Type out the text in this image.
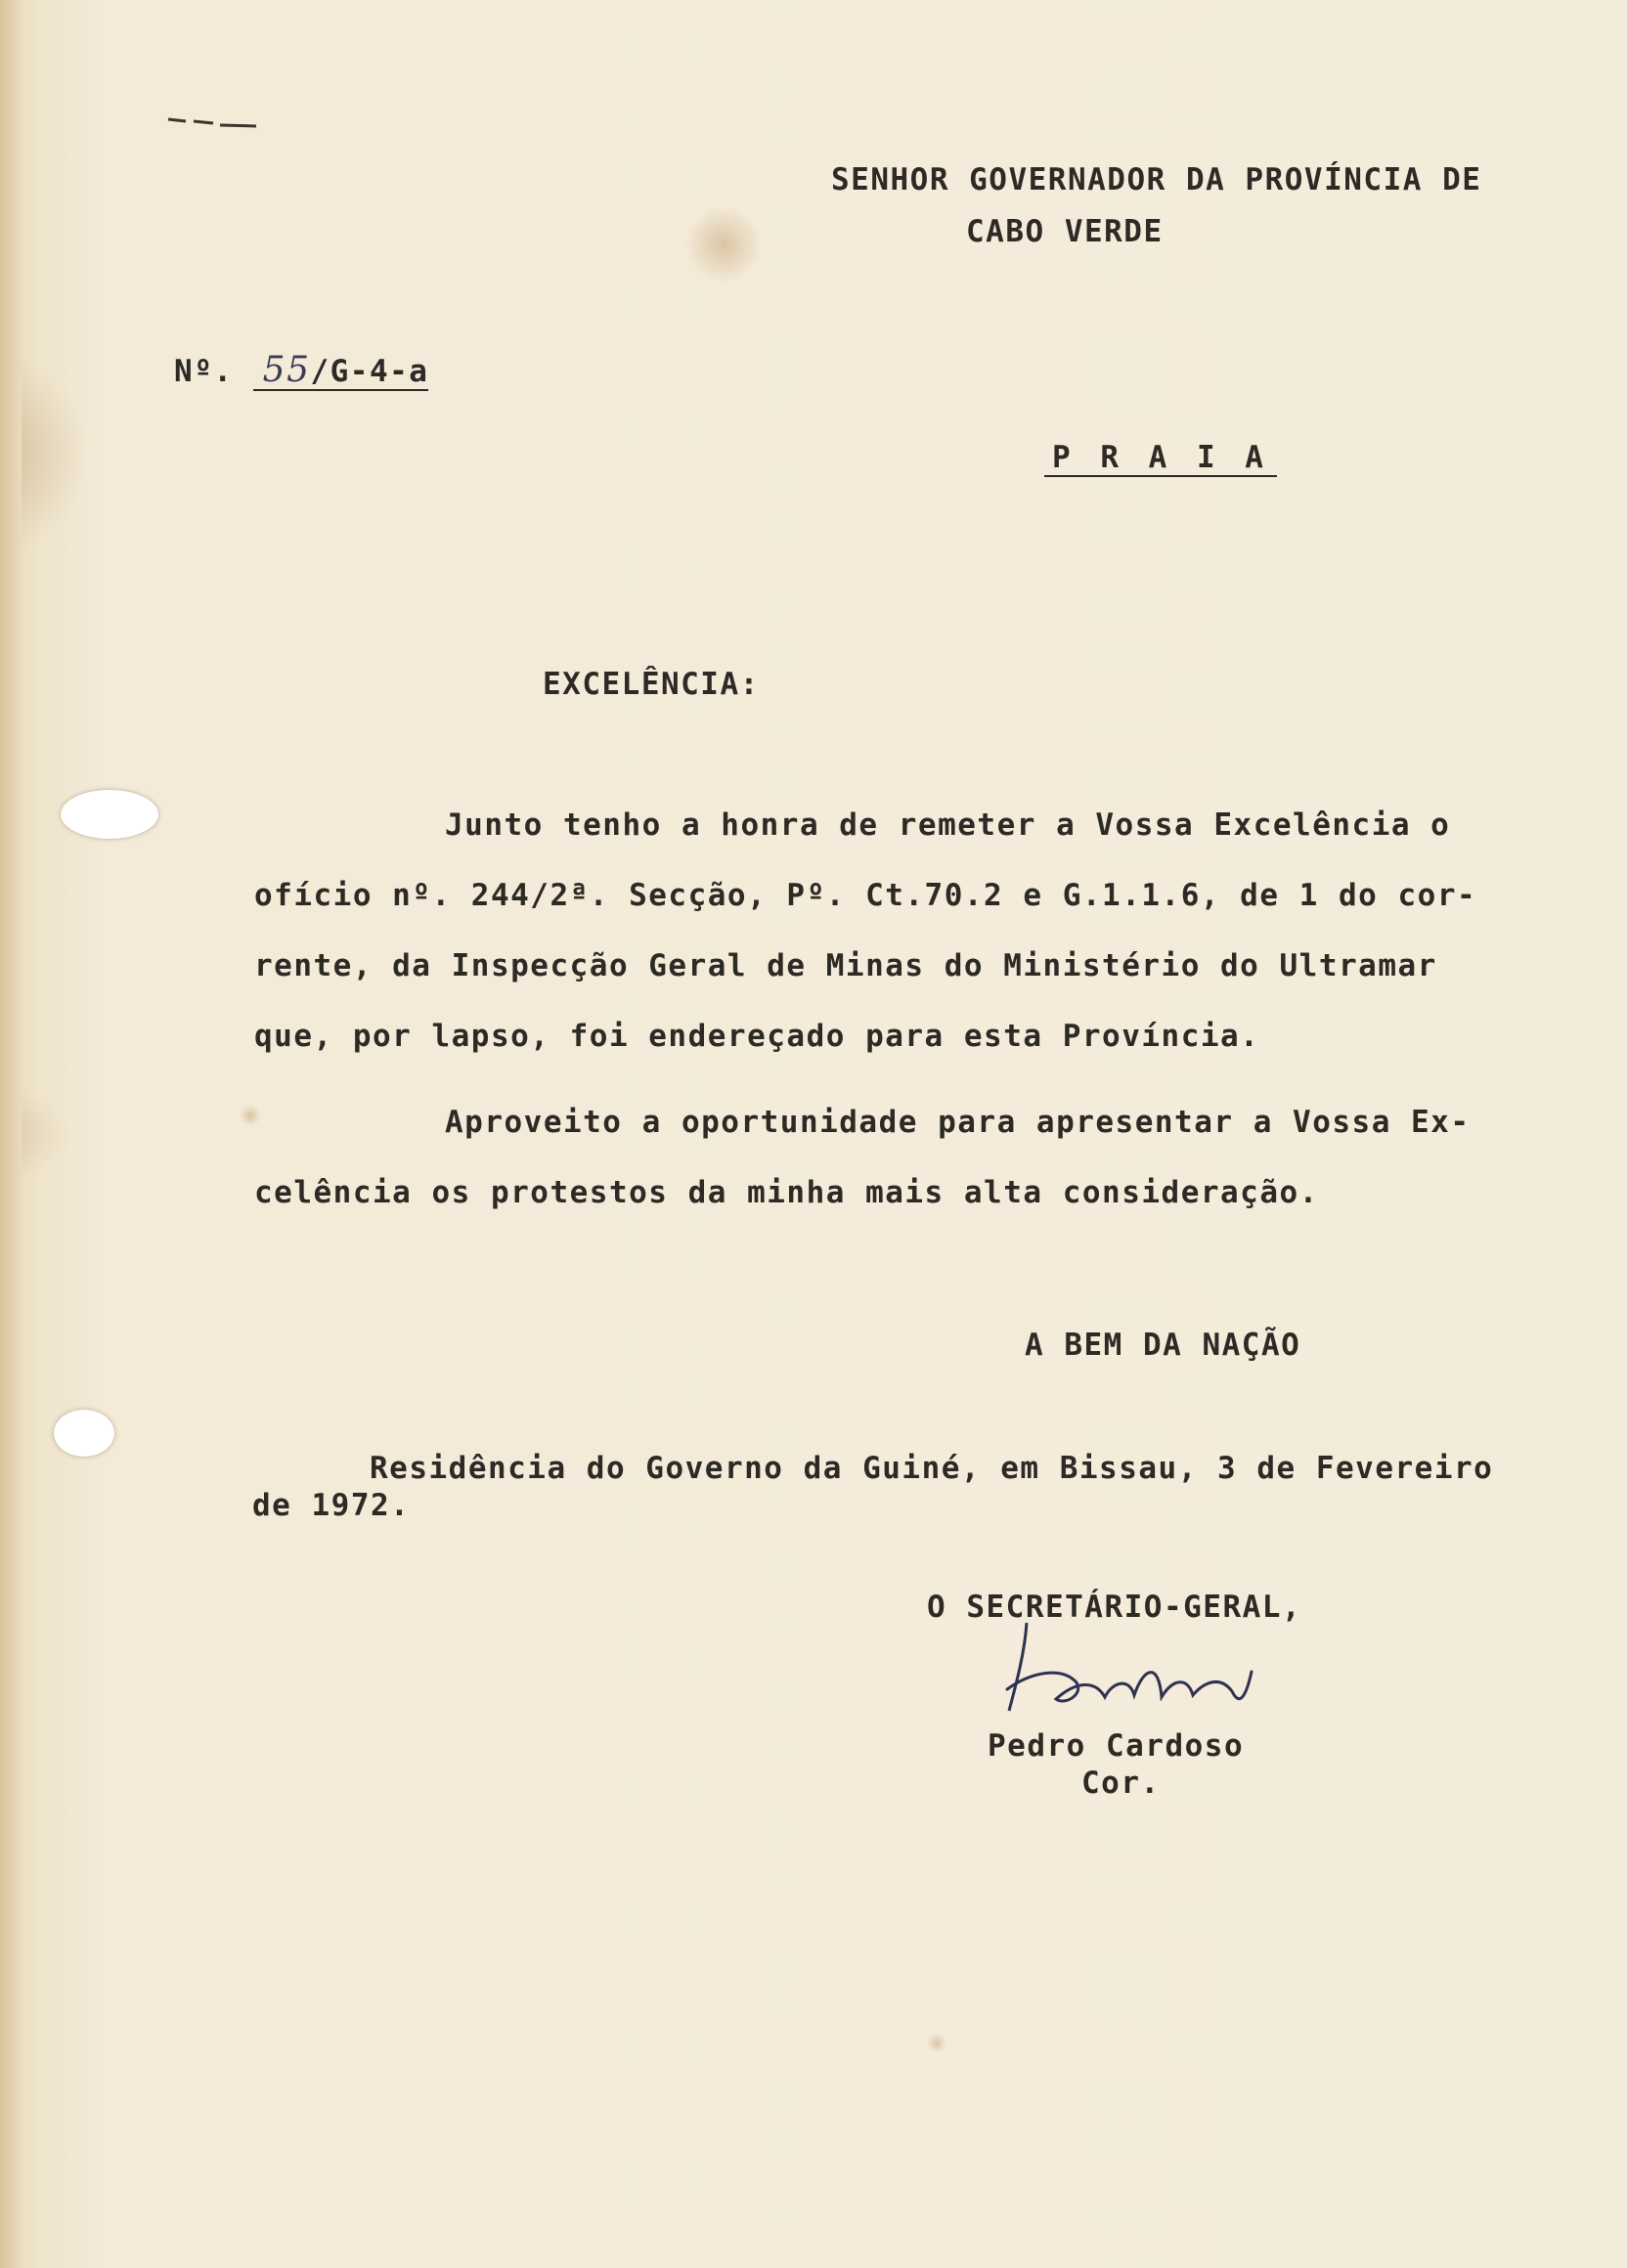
SENHOR GOVERNADOR DA PROVÍNCIA DE
CABO VERDE
Nº. 55/G-4-a
P R A I A
EXCELÊNCIA:
Junto tenho a honra de remeter a Vossa Excelência o
ofício nº. 244/2ª. Secção, Pº. Ct.70.2 e G.1.1.6, de 1 do cor-
rente, da Inspecção Geral de Minas do Ministério do Ultramar
que, por lapso, foi endereçado para esta Província.
Aproveito a oportunidade para apresentar a Vossa Ex-
celência os protestos da minha mais alta consideração.
A BEM DA NAÇÃO
Residência do Governo da Guiné, em Bissau, 3 de Fevereiro
de 1972.
O SECRETÁRIO-GERAL,
Pedro Cardoso
Cor.
